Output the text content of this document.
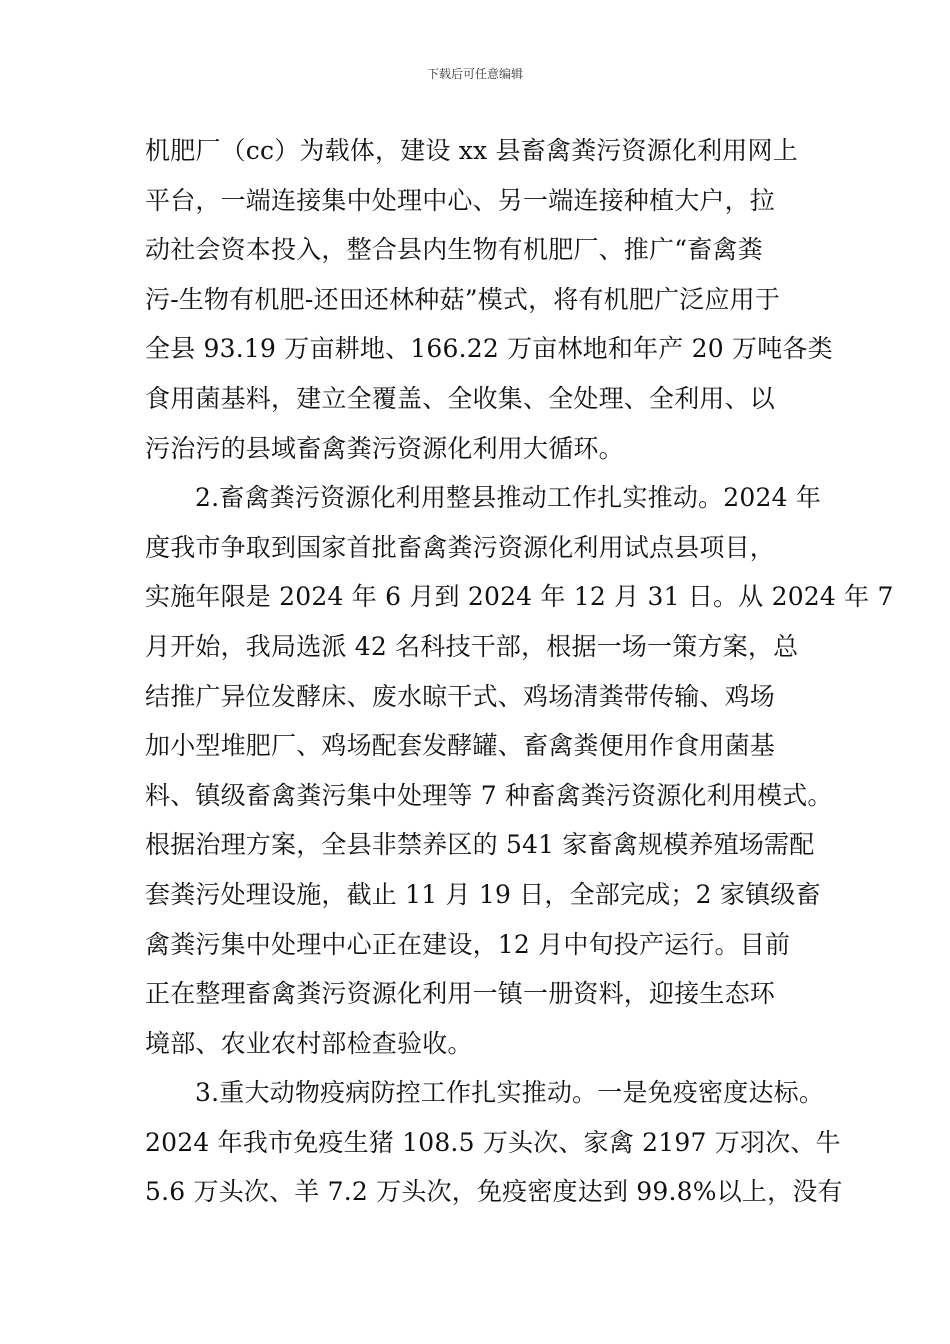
下载后可任意编辑
机肥厂（cc）为载体，建设 xx 县畜禽粪污资源化利用网上
平台，一端连接集中处理中心、另一端连接种植大户，拉
动社会资本投入，整合县内生物有机肥厂、推广“畜禽粪
污-生物有机肥-还田还林种菇”模式，将有机肥广泛应用于
全县 93.19 万亩耕地、166.22 万亩林地和年产 20 万吨各类
食用菌基料，建立全覆盖、全收集、全处理、全利用、以
污治污的县域畜禽粪污资源化利用大循环。
2.畜禽粪污资源化利用整县推动工作扎实推动。2024 年
度我市争取到国家首批畜禽粪污资源化利用试点县项目，
实施年限是 2024 年 6 月到 2024 年 12 月 31 日。从 2024 年 7
月开始，我局选派 42 名科技干部，根据一场一策方案，总
结推广异位发酵床、废水晾干式、鸡场清粪带传输、鸡场
加小型堆肥厂、鸡场配套发酵罐、畜禽粪便用作食用菌基
料、镇级畜禽粪污集中处理等 7 种畜禽粪污资源化利用模式。
根据治理方案，全县非禁养区的 541 家畜禽规模养殖场需配
套粪污处理设施，截止 11 月 19 日，全部完成；2 家镇级畜
禽粪污集中处理中心正在建设，12 月中旬投产运行。目前
正在整理畜禽粪污资源化利用一镇一册资料，迎接生态环
境部、农业农村部检查验收。
3.重大动物疫病防控工作扎实推动。一是免疫密度达标。
2024 年我市免疫生猪 108.5 万头次、家禽 2197 万羽次、牛
5.6 万头次、羊 7.2 万头次，免疫密度达到 99.8%以上，没有
